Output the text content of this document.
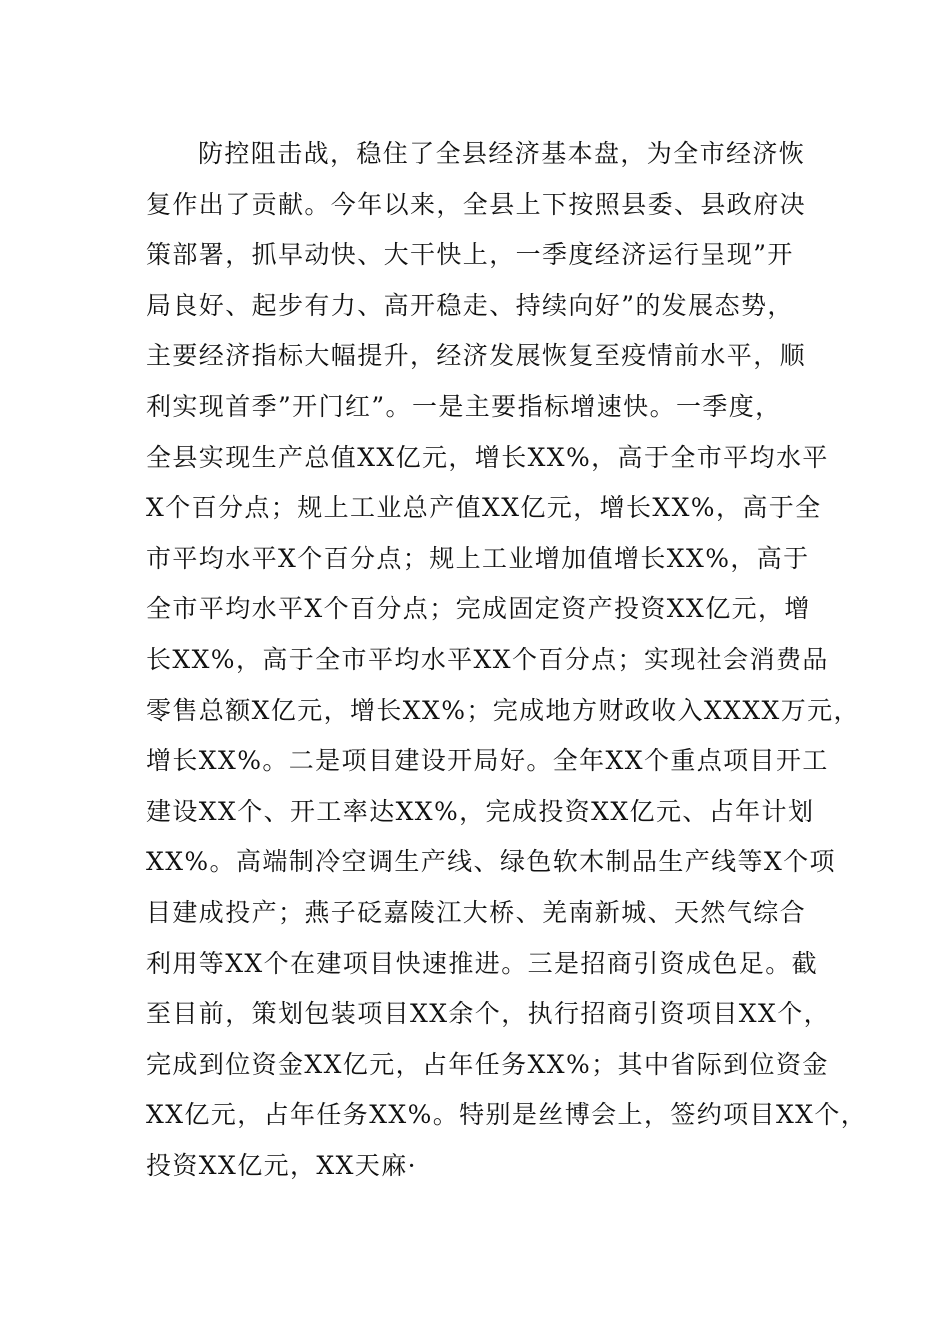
防控阻击战，稳住了全县经济基本盘，为全市经济恢
复作出了贡献。今年以来，全县上下按照县委、县政府决
策部署，抓早动快、大干快上，一季度经济运行呈现”开
局良好、起步有力、高开稳走、持续向好”的发展态势，
主要经济指标大幅提升，经济发展恢复至疫情前水平，顺
利实现首季”开门红”。一是主要指标增速快。一季度，
全县实现生产总值XX亿元，增长XX%，高于全市平均水平
X个百分点；规上工业总产值XX亿元，增长XX%，高于全
市平均水平X个百分点；规上工业增加值增长XX%，高于
全市平均水平X个百分点；完成固定资产投资XX亿元，增
长XX%，高于全市平均水平XX个百分点；实现社会消费品
零售总额X亿元，增长XX%；完成地方财政收入XXXX万元，
增长XX%。二是项目建设开局好。全年XX个重点项目开工
建设XX个、开工率达XX%，完成投资XX亿元、占年计划
XX%。高端制冷空调生产线、绿色软木制品生产线等X个项
目建成投产；燕子砭嘉陵江大桥、羌南新城、天然气综合
利用等XX个在建项目快速推进。三是招商引资成色足。截
至目前，策划包装项目XX余个，执行招商引资项目XX个，
完成到位资金XX亿元，占年任务XX%；其中省际到位资金
XX亿元，占年任务XX%。特别是丝博会上，签约项目XX个，
投资XX亿元，XX天麻·
